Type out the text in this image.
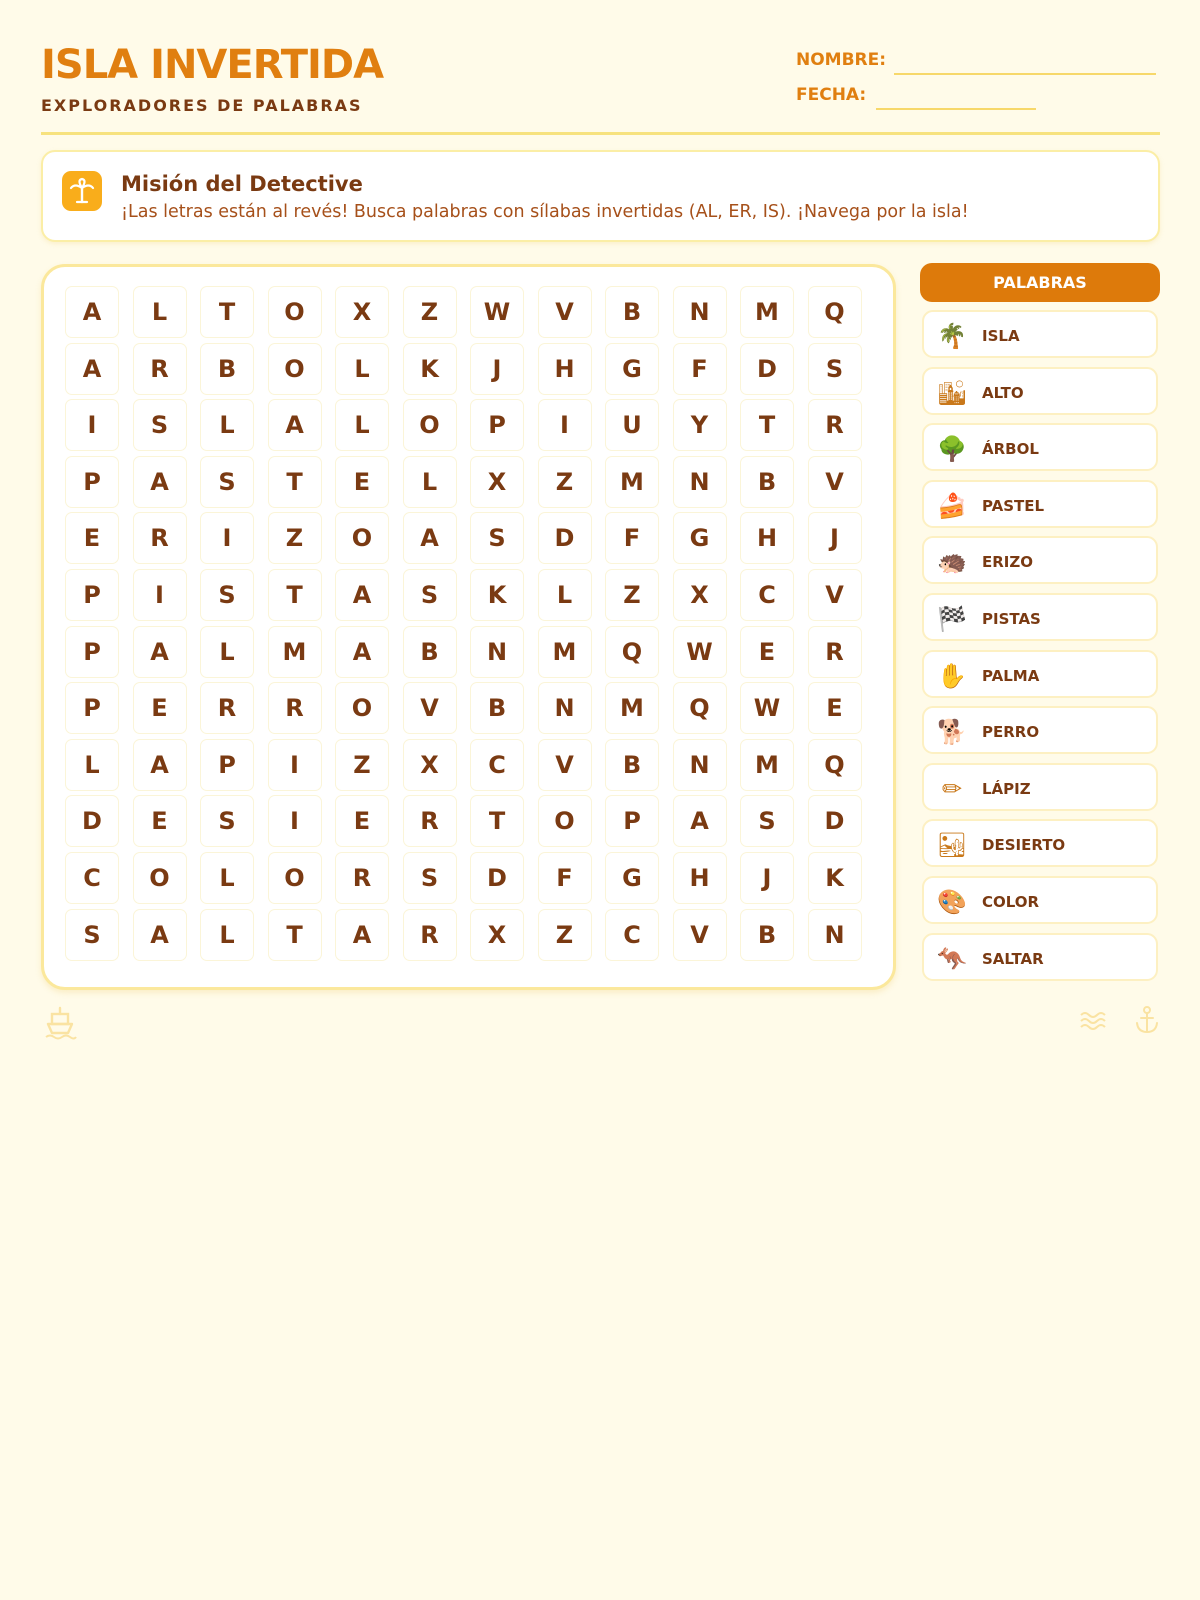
ISLA INVERTIDA
EXPLORADORES DE PALABRAS
NOMBRE:
FECHA:
Misión del Detective
¡Las letras están al revés! Busca palabras con sílabas invertidas (AL, ER, IS). ¡Navega por la isla!
A	L	T	O	X	Z	W	V	B	N	M	Q
A	R	B	O	L	K	J	H	G	F	D	S
I	S	L	A	L	O	P	I	U	Y	T	R
P	A	S	T	E	L	X	Z	M	N	B	V
E	R	I	Z	O	A	S	D	F	G	H	J
P	I	S	T	A	S	K	L	Z	X	C	V
P	A	L	M	A	B	N	M	Q	W	E	R
P	E	R	R	O	V	B	N	M	Q	W	E
L	A	P	I	Z	X	C	V	B	N	M	Q
D	E	S	I	E	R	T	O	P	A	S	D
C	O	L	O	R	S	D	F	G	H	J	K
S	A	L	T	A	R	X	Z	C	V	B	N
PALABRAS
🌴 ISLA
🏙 ALTO
🌳 ÁRBOL
🍰 PASTEL
🦔 ERIZO
🏁 PISTAS
✋ PALMA
🐕 PERRO
✏	LÁPIZ
🏜 DESIERTO
🎨 COLOR
🦘 SALTAR
